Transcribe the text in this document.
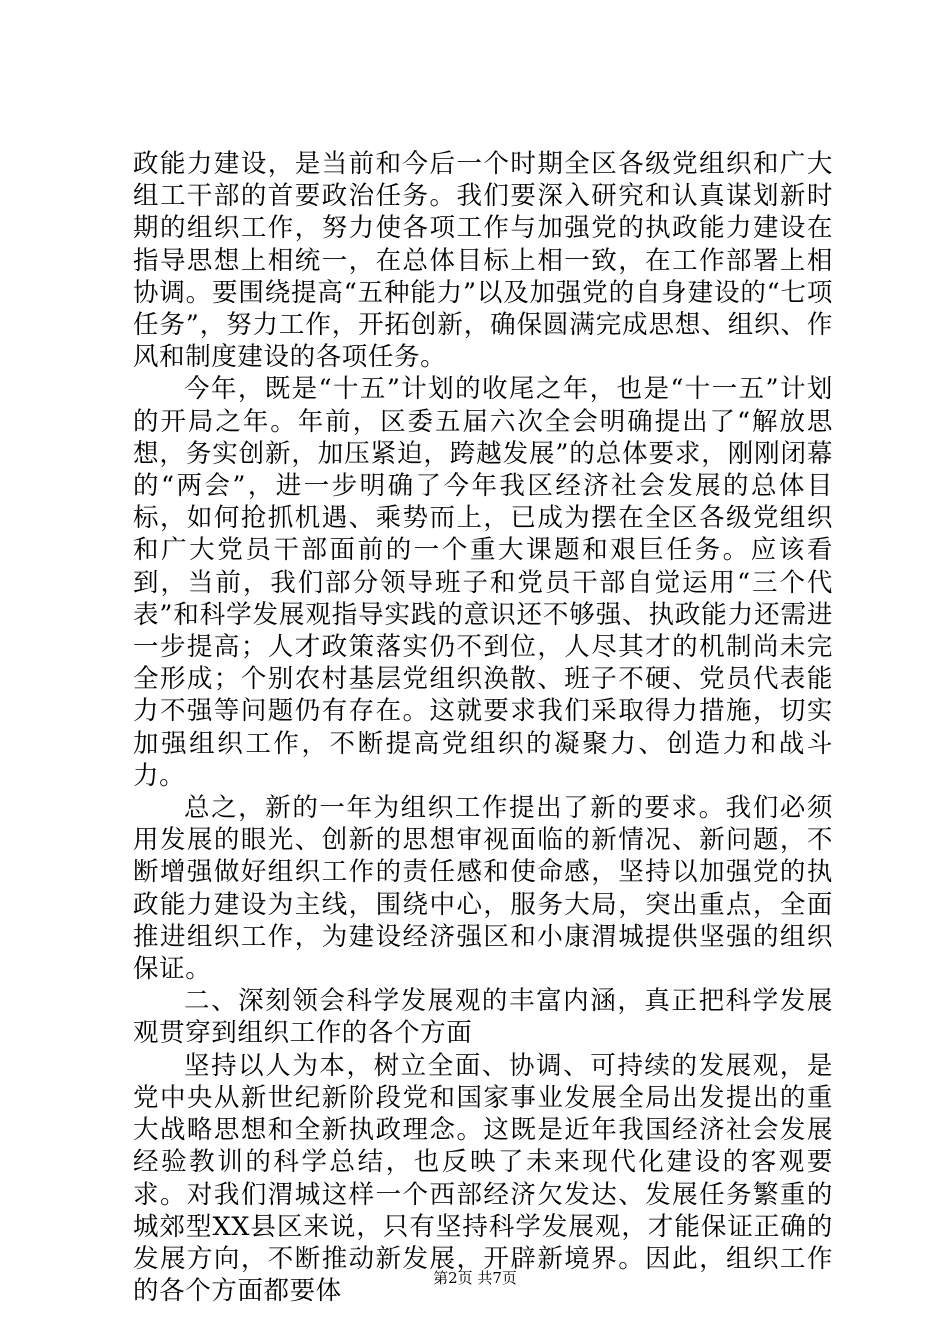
政能力建设，是当前和今后一个时期全区各级党组织和广大组工干部的首要政治任务。我们要深入研究和认真谋划新时期的组织工作，努力使各项工作与加强党的执政能力建设在指导思想上相统一，在总体目标上相一致，在工作部署上相协调。要围绕提高“五种能力”以及加强党的自身建设的“七项任务”，努力工作，开拓创新，确保圆满完成思想、组织、作风和制度建设的各项任务。

今年，既是“十五”计划的收尾之年，也是“十一五”计划的开局之年。年前，区委五届六次全会明确提出了“解放思想，务实创新，加压紧迫，跨越发展”的总体要求，刚刚闭幕的“两会”，进一步明确了今年我区经济社会发展的总体目标，如何抢抓机遇、乘势而上，已成为摆在全区各级党组织和广大党员干部面前的一个重大课题和艰巨任务。应该看到，当前，我们部分领导班子和党员干部自觉运用“三个代表”和科学发展观指导实践的意识还不够强、执政能力还需进一步提高；人才政策落实仍不到位，人尽其才的机制尚未完全形成；个别农村基层党组织涣散、班子不硬、党员代表能力不强等问题仍有存在。这就要求我们采取得力措施，切实加强组织工作，不断提高党组织的凝聚力、创造力和战斗力。

总之，新的一年为组织工作提出了新的要求。我们必须用发展的眼光、创新的思想审视面临的新情况、新问题，不断增强做好组织工作的责任感和使命感，坚持以加强党的执政能力建设为主线，围绕中心，服务大局，突出重点，全面推进组织工作，为建设经济强区和小康渭城提供坚强的组织保证。

二、深刻领会科学发展观的丰富内涵，真正把科学发展观贯穿到组织工作的各个方面

坚持以人为本，树立全面、协调、可持续的发展观，是党中央从新世纪新阶段党和国家事业发展全局出发提出的重大战略思想和全新执政理念。这既是近年我国经济社会发展经验教训的科学总结，也反映了未来现代化建设的客观要求。对我们渭城这样一个西部经济欠发达、发展任务繁重的城郊型XX县区来说，只有坚持科学发展观，才能保证正确的发展方向，不断推动新发展，开辟新境界。因此，组织工作的各个方面都要体	第2页 共7页
